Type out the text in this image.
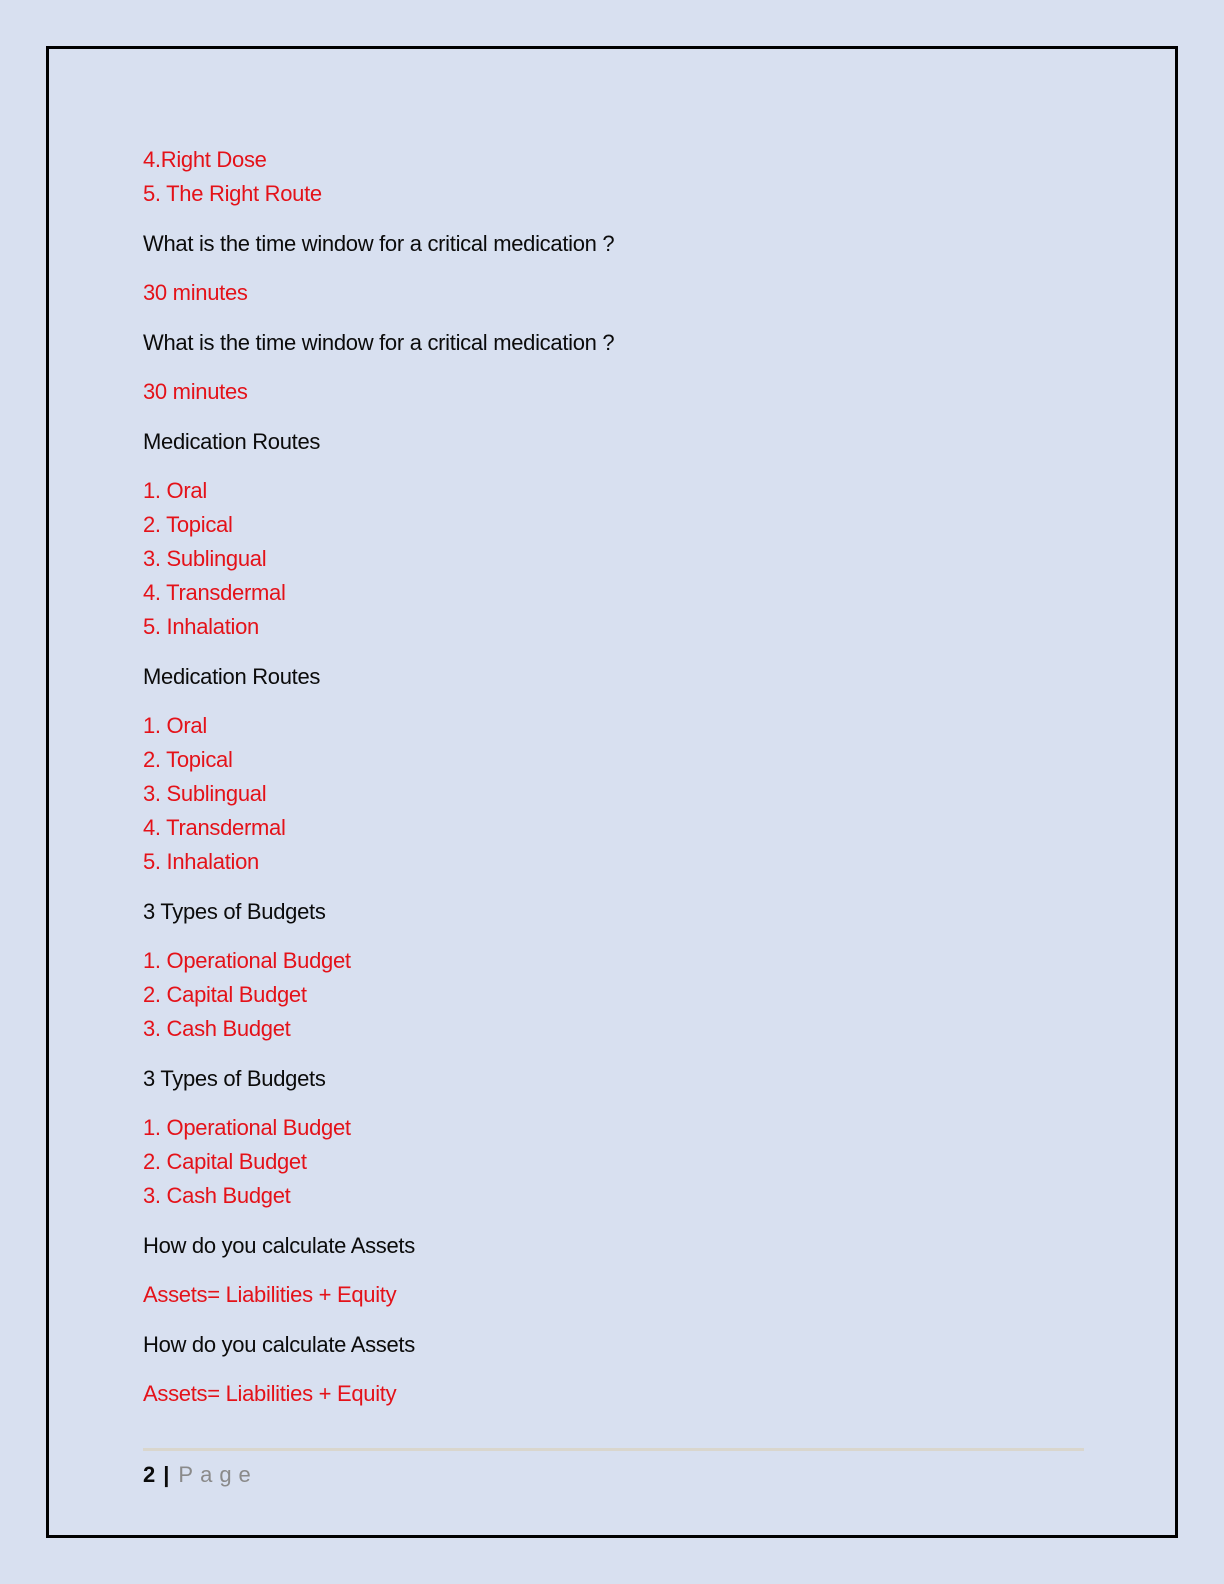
4.Right Dose
5. The Right Route
What is the time window for a critical medication ?
30 minutes
What is the time window for a critical medication ?
30 minutes
Medication Routes
1. Oral
2. Topical
3. Sublingual
4. Transdermal
5. Inhalation
Medication Routes
1. Oral
2. Topical
3. Sublingual
4. Transdermal
5. Inhalation
3 Types of Budgets
1. Operational Budget
2. Capital Budget
3. Cash Budget
3 Types of Budgets
1. Operational Budget
2. Capital Budget
3. Cash Budget
How do you calculate Assets
Assets= Liabilities + Equity
How do you calculate Assets
Assets= Liabilities + Equity
2 | Page
